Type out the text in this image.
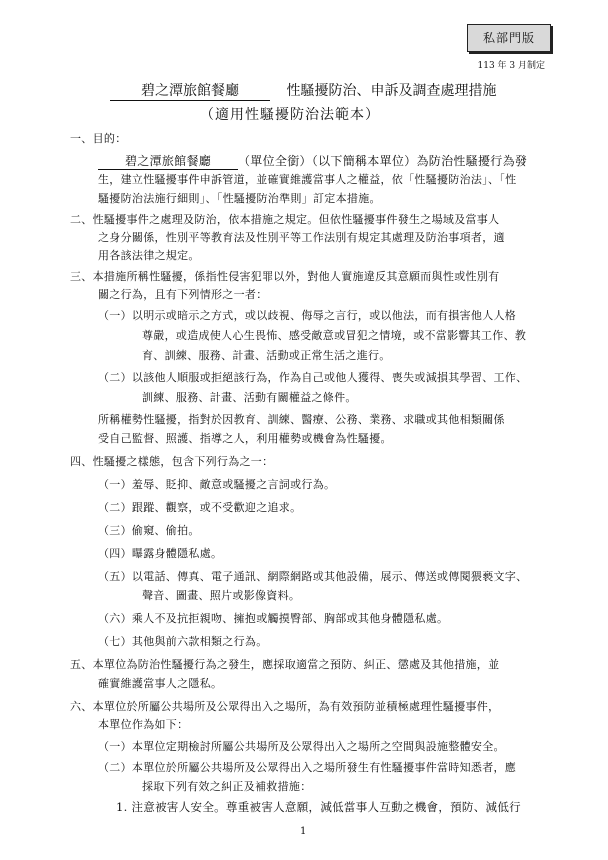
私部門版
113 年 3 月制定
碧之潭旅館餐廳	性騷擾防治、申訴及調查處理措施
（適用性騷擾防治法範本）
一、目的：
碧之潭旅館餐廳 （單位全銜）（以下簡稱本單位）為防治性騷擾行為發
生，建立性騷擾事件申訴管道，並確實維護當事人之權益，依「性騷擾防治法」、「性
騷擾防治法施行細則」、「性騷擾防治準則」訂定本措施。
二、性騷擾事件之處理及防治，依本措施之規定。但依性騷擾事件發生之場域及當事人
之身分關係，性別平等教育法及性別平等工作法別有規定其處理及防治事項者，適
用各該法律之規定。
三、本措施所稱性騷擾，係指性侵害犯罪以外，對他人實施違反其意願而與性或性別有
關之行為，且有下列情形之一者：
（一）以明示或暗示之方式，或以歧視、侮辱之言行，或以他法，而有損害他人人格
尊嚴，或造成使人心生畏怖、感受敵意或冒犯之情境，或不當影響其工作、教
育、訓練、服務、計畫、活動或正常生活之進行。
（二）以該他人順服或拒絕該行為，作為自己或他人獲得、喪失或減損其學習、工作、
訓練、服務、計畫、活動有關權益之條件。
所稱權勢性騷擾，指對於因教育、訓練、醫療、公務、業務、求職或其他相類關係
受自己監督、照護、指導之人，利用權勢或機會為性騷擾。
四、性騷擾之樣態，包含下列行為之一：
（一）羞辱、貶抑、敵意或騷擾之言詞或行為。
（二）跟蹤、觀察，或不受歡迎之追求。
（三）偷窺、偷拍。
（四）曝露身體隱私處。
（五）以電話、傳真、電子通訊、網際網路或其他設備，展示、傳送或傳閱猥褻文字、
聲音、圖畫、照片或影像資料。
（六）乘人不及抗拒親吻、擁抱或觸摸臀部、胸部或其他身體隱私處。
（七）其他與前六款相類之行為。
五、本單位為防治性騷擾行為之發生，應採取適當之預防、糾正、懲處及其他措施，並
確實維護當事人之隱私。
六、本單位於所屬公共場所及公眾得出入之場所，為有效預防並積極處理性騷擾事件，
本單位作為如下：
（一）本單位定期檢討所屬公共場所及公眾得出入之場所之空間與設施整體安全。
（二）本單位於所屬公共場所及公眾得出入之場所發生有性騷擾事件當時知悉者，應
採取下列有效之糾正及補救措施：
1. 注意被害人安全。尊重被害人意願，減低當事人互動之機會，預防、減低行
1
